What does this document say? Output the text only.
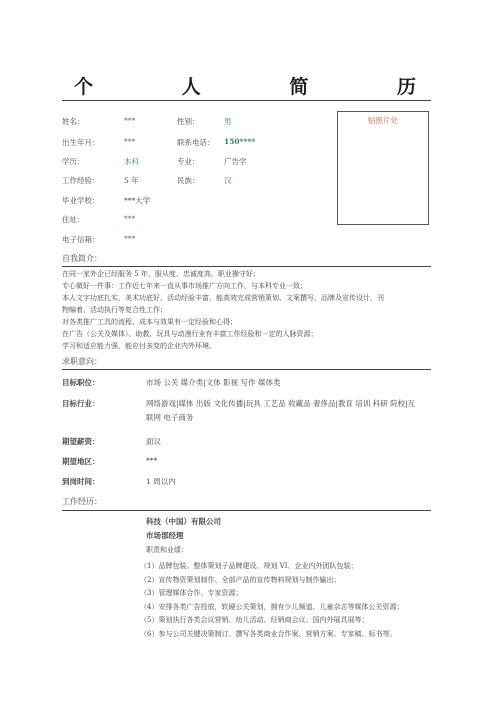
个	人	简	历
贴照片处
姓名：	***	性别：	男
出生年月：	***	联系电话： 150****
学历：	本科	专业：	广告学
工作经验：	5 年	民族：	汉
毕业学校：	***大学
住址：	***
电子信箱：	***
自我简介：
在同一家外企已经服务 5 年，服从度、忠诚度高，职业操守好；
专心做好一件事：工作近七年来一直从事市场推广方向工作，与本科专业一致；
本人文字功底扎实、美术功底好，活动经验丰富，能高效完成营销策划、文案撰写、品牌及宣传设计、刊
物编着、活动执行等复合性工作；
对各类推广工具的流程、成本与效果有一定经验和心得；
在广告（公关及媒体）、助教、玩具与动漫行业有丰富工作经验和一定的人脉资源；
学习和适应能力强，能应付多变的企业内外环境。
求职意向：
目标职位：	市场 公关 媒介类|文体 影视 写作 媒体类
目标行业：	网络游戏|媒体 出版 文化传播|玩具 工艺品 收藏品 奢侈品|教育 培训 科研 院校|互
联网 电子商务
期望薪资：	面议
期望地区：	***
到岗时间：	1 周以内
工作经历：
科技（中国）有限公司
市场部经理
职责和业绩：
（1）品牌包装、整体策划子品牌建设、规划 VI、企业内外团队包装；
（2）宣传物资策划制作、全部产品的宣传物料规划与制作输出；
（3）管理媒体合作、专家资源；
（4）安排各类广告投放，软硬公关策划，拥有少儿频道、儿童杂志等媒体公关资源；
（5）策划执行各类会议营销、幼儿活动、经销商会议、国内外展具展等；
（6）参与公司关键决策制订、撰写各类商业合作案、营销方案、专家稿、标书等。
